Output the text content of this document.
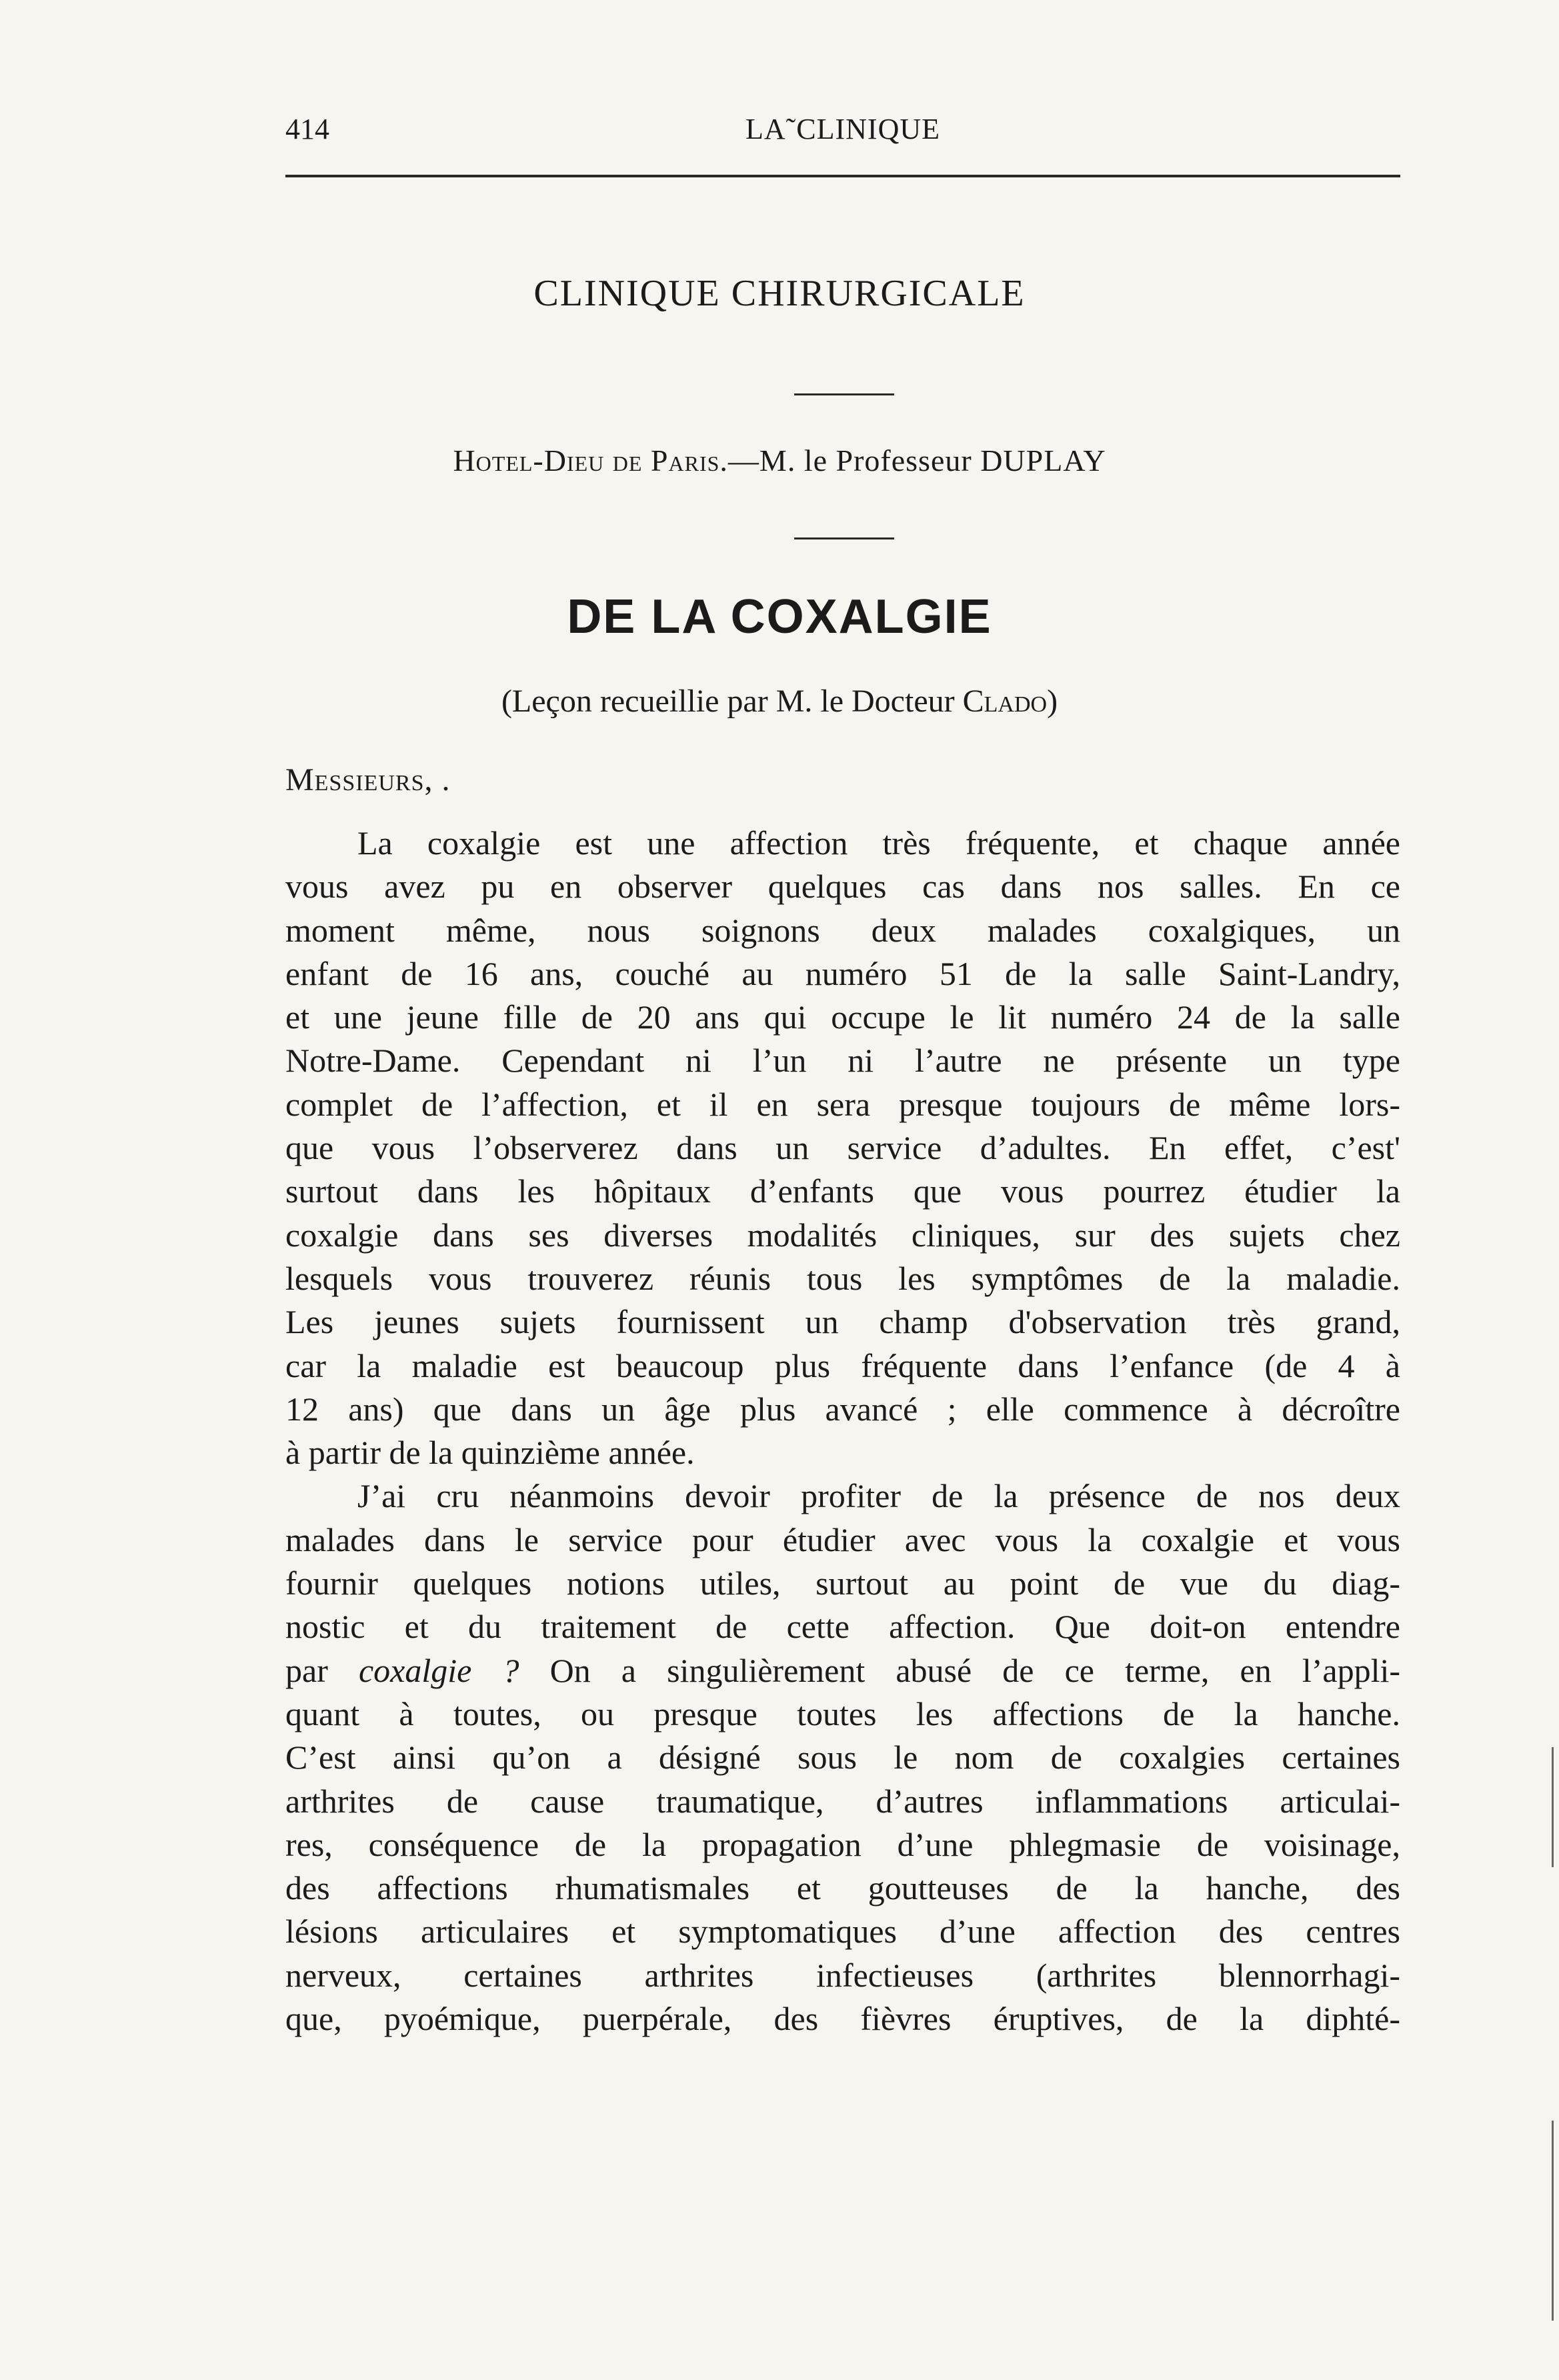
414	LA˜CLINIQUE
CLINIQUE CHIRURGICALE
Hotel-Dieu de Paris.—M. le Professeur DUPLAY
DE LA COXALGIE
(Leçon recueillie par M. le Docteur Clado)
Messieurs, .
La coxalgie est une affection très fréquente, et chaque année
vous avez pu en observer quelques cas dans nos salles. En ce
moment même, nous soignons deux malades coxalgiques, un
enfant de 16 ans, couché au numéro 51 de la salle Saint-Landry,
et une jeune fille de 20 ans qui occupe le lit numéro 24 de la salle
Notre-Dame. Cependant ni l’un ni l’autre ne présente un type
complet de l’affection, et il en sera presque toujours de même lors-
que vous l’observerez dans un service d’adultes. En effet, c’est'
surtout dans les hôpitaux d’enfants que vous pourrez étudier la
coxalgie dans ses diverses modalités cliniques, sur des sujets chez
lesquels vous trouverez réunis tous les symptômes de la maladie.
Les jeunes sujets fournissent un champ d'observation très grand,
car la maladie est beaucoup plus fréquente dans l’enfance (de 4 à
12 ans) que dans un âge plus avancé ; elle commence à décroître
à partir de la quinzième année.
J’ai cru néanmoins devoir profiter de la présence de nos deux
malades dans le service pour étudier avec vous la coxalgie et vous
fournir quelques notions utiles, surtout au point de vue du diag-
nostic et du traitement de cette affection. Que doit-on entendre
par coxalgie ? On a singulièrement abusé de ce terme, en l’appli-
quant à toutes, ou presque toutes les affections de la hanche.
C’est ainsi qu’on a désigné sous le nom de coxalgies certaines
arthrites de cause traumatique, d’autres inflammations articulai-
res, conséquence de la propagation d’une phlegmasie de voisinage,
des affections rhumatismales et goutteuses de la hanche, des
lésions articulaires et symptomatiques d’une affection des centres
nerveux, certaines arthrites infectieuses (arthrites blennorrhagi-
que, pyoémique, puerpérale, des fièvres éruptives, de la diphté-
